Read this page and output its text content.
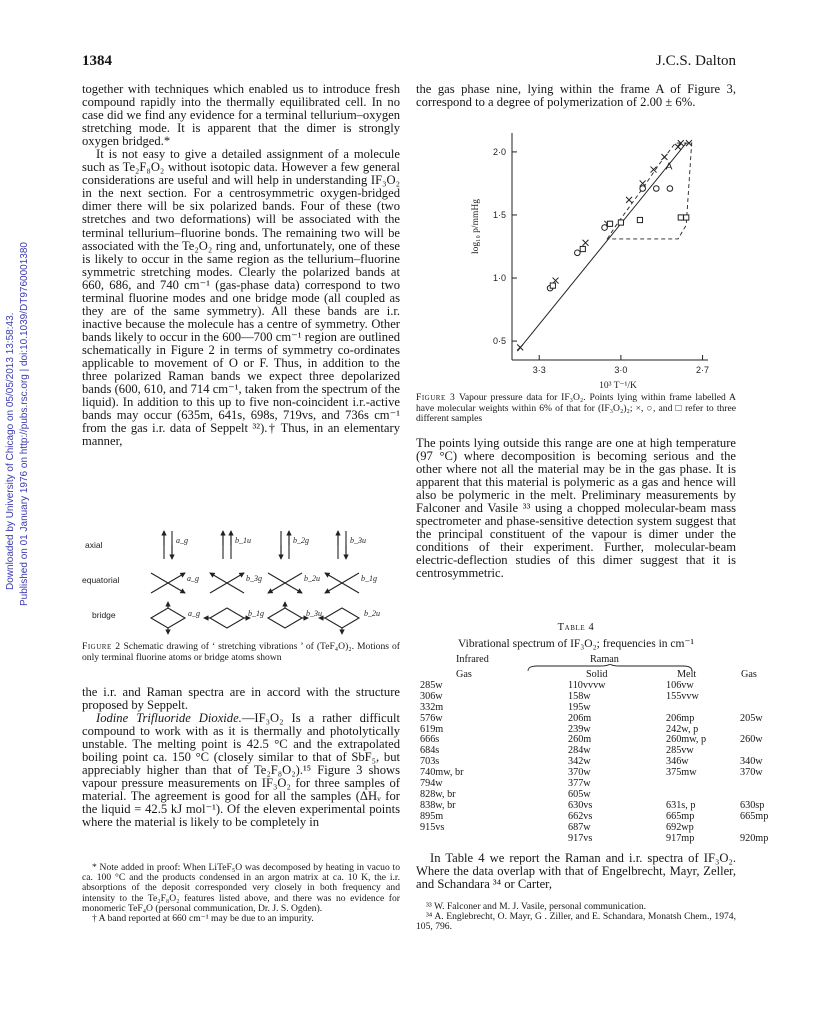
Downloaded by University of Chicago on 05/05/2013 13:58:43. Published on 01 January 1976 on http://pubs.rsc.org | doi:10.1039/DT9760001380
1384	J.C.S. Dalton

together with techniques which enabled us to introduce fresh compound rapidly into the thermally equilibrated cell. In no case did we find any evidence for a terminal tellurium–oxygen stretching mode. It is apparent that the dimer is strongly oxygen bridged.*

It is not easy to give a detailed assignment of a molecule such as Te₂F₈O₂ without isotopic data. However a few general considerations are useful and will help in understanding IF₃O₂ in the next section. For a centrosymmetric oxygen-bridged dimer there will be six polarized bands. Four of these (two stretches and two deformations) will be associated with the terminal tellurium–fluorine bonds. The remaining two will be associated with the Te₂O₂ ring and, unfortunately, one of these is likely to occur in the same region as the tellurium–fluorine symmetric stretching modes. Clearly the polarized bands at 660, 686, and 740 cm⁻¹ (gas-phase data) correspond to two terminal fluorine modes and one bridge mode (all coupled as they are of the same symmetry). All these bands are i.r. inactive because the molecule has a centre of symmetry. Other bands likely to occur in the 600—700 cm⁻¹ region are outlined schematically in Figure 2 in terms of symmetry co-ordinates applicable to movement of O or F. Thus, in addition to the three polarized Raman bands we expect three depolarized bands (600, 610, and 714 cm⁻¹, taken from the spectrum of the liquid). In addition to this up to five non-coincident i.r.-active bands may occur (635m, 641s, 698s, 719vs, and 736s cm⁻¹ from the gas i.r. data of Seppelt ³²).† Thus, in an elementary manner,

axial
equatorial
bridge
a_g	b_1u	b_2g	b_3u
a_g	b_3g	b_2u	b_1g
a_g	b_1g	b_3u	b_2u
Figure 2 Schematic drawing of ‘ stretching vibrations ’ of (TeF₄O)₂. Motions of only terminal fluorine atoms or bridge atoms shown

the i.r. and Raman spectra are in accord with the structure proposed by Seppelt.

Iodine Trifluoride Dioxide.—IF₃O₂ Is a rather difficult compound to work with as it is thermally and photolytically unstable. The melting point is 42.5 °C and the extrapolated boiling point ca. 150 °C (closely similar to that of SbF₅, but appreciably higher than that of Te₂F₈O₂).¹⁵ Figure 3 shows vapour pressure measurements on IF₃O₂ for three samples of material. The agreement is good for all the samples (ΔHᵥ for the liquid = 42.5 kJ mol⁻¹). Of the eleven experimental points where the material is likely to be completely in

* Note added in proof: When LiTeF₅O was decomposed by heating in vacuo to ca. 100 °C and the products condensed in an argon matrix at ca. 10 K, the i.r. absorptions of the deposit corresponded very closely in both frequency and intensity to the Te₂F₈O₂ features listed above, and there was no evidence for monomeric TeF₄O (personal communication, Dr. J. S. Ogden).

† A band reported at 660 cm⁻¹ may be due to an impurity.

the gas phase nine, lying within the frame A of Figure 3, correspond to a degree of polymerization of 2.00 ± 6%.

3·3	3·0	2·7
0·5
1·0
1·5
2·0
10³ T⁻¹/K
log₁₀ p/mmHg
A
Figure 3 Vapour pressure data for IF₃O₂. Points lying within frame labelled A have molecular weights within 6% of that for (IF₃O₂)₂; ×, ○, and □ refer to three different samples

The points lying outside this range are one at high temperature (97 °C) where decomposition is becoming serious and the other where not all the material may be in the gas phase. It is apparent that this material is polymeric as a gas and hence will also be polymeric in the melt. Preliminary measurements by Falconer and Vasile ³³ using a chopped molecular-beam mass spectrometer and phase-sensitive detection system suggest that the principal constituent of the vapour is dimer under the conditions of their experiment. Further, molecular-beam electric-deflection studies of this dimer suggest that it is centrosymmetric.

Table 4
Vibrational spectrum of IF₃O₂; frequencies in cm⁻¹
Infrared	Raman
Gas	Solid	Melt	Gas
285w	110vvvw	106vw	
306w	158w	155vvw	
332m	195w		
576w	206m	206mp	205w
619m	239w	242w, p	
666s	260m	260mw, p	260w
684s	284w	285vw	
703s	342w	346w	340w
740mw, br	370w	375mw	370w
794w	377w		
828w, br	605w		
838w, br	630vs	631s, p	630sp
895m	662vs	665mp	665mp
915vs	687w	692wp	
	917vs	917mp	920mp

In Table 4 we report the Raman and i.r. spectra of IF₃O₂. Where the data overlap with that of Engelbrecht, Mayr, Zeller, and Schandara ³⁴ or Carter,

³³ W. Falconer and M. J. Vasile, personal communication.

³⁴ A. Englebrecht, O. Mayr, G . Ziller, and E. Schandara, Monatsh Chem., 1974, 105, 796.
